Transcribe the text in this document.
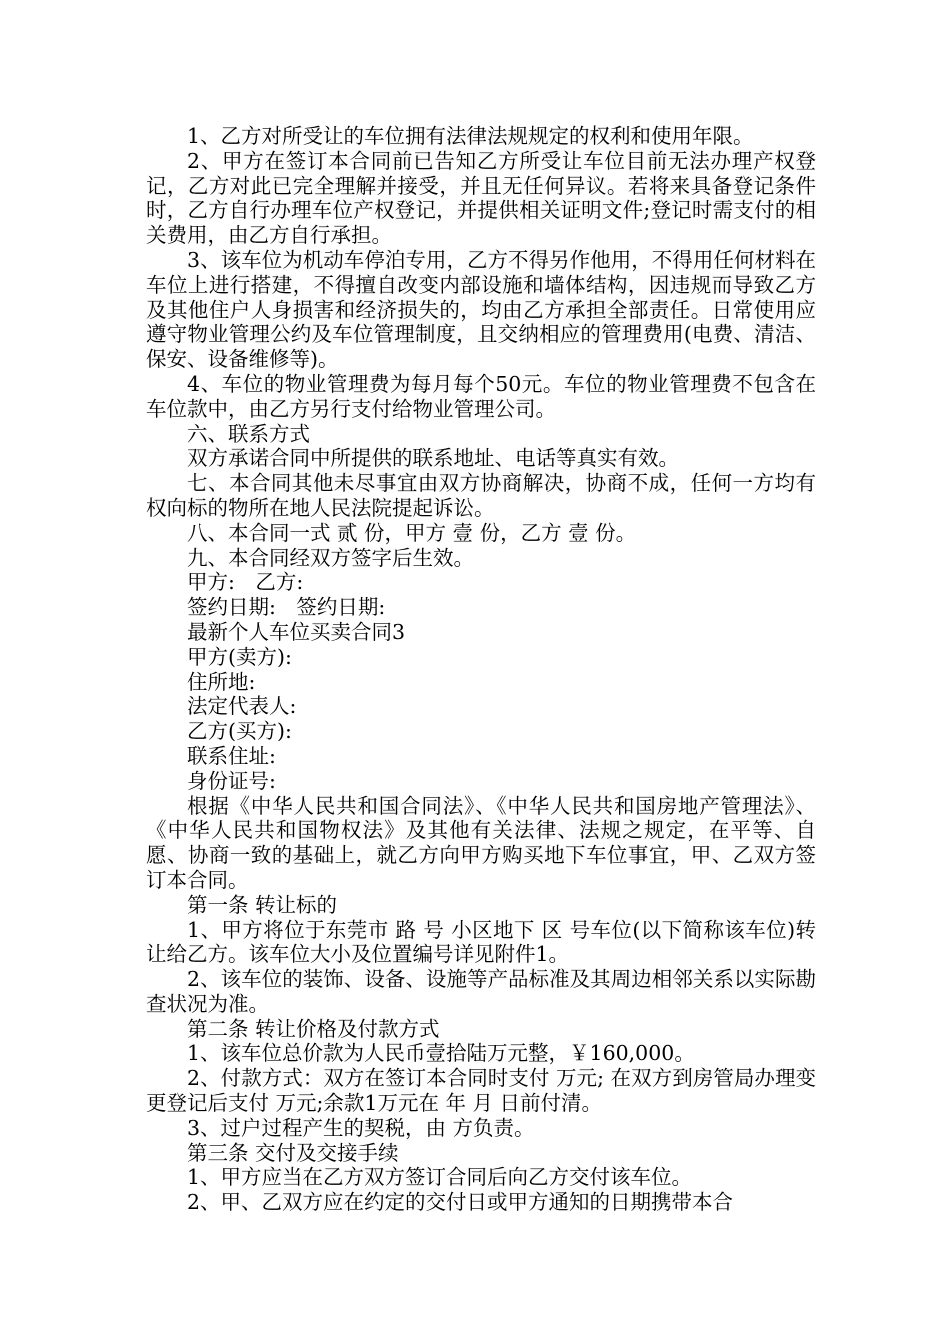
1、乙方对所受让的车位拥有法律法规规定的权利和使用年限。

2、甲方在签订本合同前已告知乙方所受让车位目前无法办理产权登记，乙方对此已完全理解并接受，并且无任何异议。若将来具备登记条件时，乙方自行办理车位产权登记，并提供相关证明文件;登记时需支付的相关费用，由乙方自行承担。

3、该车位为机动车停泊专用，乙方不得另作他用，不得用任何材料在车位上进行搭建，不得擅自改变内部设施和墙体结构，因违规而导致乙方及其他住户人身损害和经济损失的，均由乙方承担全部责任。日常使用应遵守物业管理公约及车位管理制度，且交纳相应的管理费用(电费、清洁、保安、设备维修等)。

4、车位的物业管理费为每月每个50元。车位的物业管理费不包含在车位款中，由乙方另行支付给物业管理公司。

六、联系方式

双方承诺合同中所提供的联系地址、电话等真实有效。

七、本合同其他未尽事宜由双方协商解决，协商不成，任何一方均有权向标的物所在地人民法院提起诉讼。

八、本合同一式 贰 份，甲方 壹 份，乙方 壹 份。

九、本合同经双方签字后生效。

甲方:　乙方:

签约日期:　签约日期:

最新个人车位买卖合同3

甲方(卖方):

住所地:

法定代表人:

乙方(买方):

联系住址:

身份证号:

根据《中华人民共和国合同法》、《中华人民共和国房地产管理法》、《中华人民共和国物权法》及其他有关法律、法规之规定，在平等、自愿、协商一致的基础上，就乙方向甲方购买地下车位事宜，甲、乙双方签订本合同。

第一条 转让标的

1、甲方将位于东莞市 路 号 小区地下 区 号车位(以下简称该车位)转让给乙方。该车位大小及位置编号详见附件1。

2、该车位的装饰、设备、设施等产品标准及其周边相邻关系以实际勘查状况为准。

第二条 转让价格及付款方式

1、该车位总价款为人民币壹拾陆万元整，￥160,000。

2、付款方式：双方在签订本合同时支付 万元; 在双方到房管局办理变更登记后支付 万元;余款1万元在 年 月 日前付清。

3、过户过程产生的契税，由 方负责。

第三条 交付及交接手续

1、甲方应当在乙方双方签订合同后向乙方交付该车位。

2、甲、乙双方应在约定的交付日或甲方通知的日期携带本合
